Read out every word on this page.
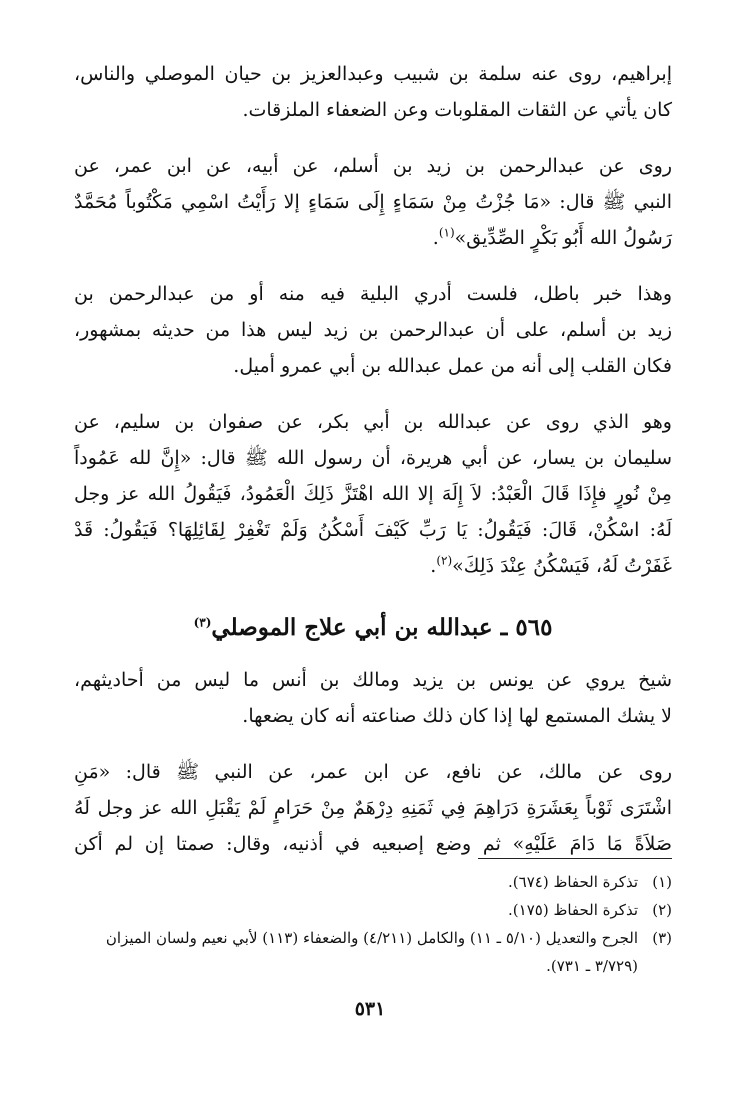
إبراهيم، روى عنه سلمة بن شبيب وعبدالعزيز بن حيان الموصلي والناس،
كان يأتي عن الثقات المقلوبات وعن الضعفاء الملزقات.

روى عن عبدالرحمن بن زيد بن أسلم، عن أبيه، عن ابن عمر، عن
النبي ﷺ قال: «مَا جُزْتُ مِنْ سَمَاءٍ إِلَى سَمَاءٍ إلا رَأَيْتُ اسْمِي مَكْتُوباً مُحَمَّدٌ
رَسُولُ الله أَبُو بَكْرٍ الصِّدِّيق»$^{(١)}$.

وهذا خبر باطل، فلست أدري البلية فيه منه أو من عبدالرحمن بن
زيد بن أسلم، على أن عبدالرحمن بن زيد ليس هذا من حديثه بمشهور،
فكان القلب إلى أنه من عمل عبدالله بن أبي عمرو أميل.

وهو الذي روى عن عبدالله بن أبي بكر، عن صفوان بن سليم، عن
سليمان بن يسار، عن أبي هريرة، أن رسول الله ﷺ قال: «إِنَّ لله عَمُوداً
مِنْ نُورٍ فإِذَا قَالَ الْعَبْدُ: لاَ إِلَهَ إلا الله اهْتَزَّ ذَلِكَ الْعَمُودُ، فَيَقُولُ الله عز وجل
لَهُ: اسْكُنْ، قَالَ: فَيَقُولُ: يَا رَبِّ كَيْفَ أَسْكُنُ وَلَمْ تَغْفِرْ لِقَائِلِهَا؟ فَيَقُولُ: قَدْ
غَفَرْتُ لَهُ، فَيَسْكُنُ عِنْدَ ذَلِكَ»$^{(٢)}$.

٥٦٥ ـ عبدالله بن أبي علاج الموصلي$^{(٣)}$

شيخ يروي عن يونس بن يزيد ومالك بن أنس ما ليس من أحاديثهم،
لا يشك المستمع لها إذا كان ذلك صناعته أنه كان يضعها.

روى عن مالك، عن نافع، عن ابن عمر، عن النبي ﷺ قال: «مَنِ
اشْتَرَى ثَوْباً بِعَشَرَةِ دَرَاهِمَ فِي ثَمَنِهِ دِرْهَمٌ مِنْ حَرَامٍ لَمْ يَقْبَلِ الله عز وجل لَهُ
صَلاَةً مَا دَامَ عَلَيْهِ» ثم وضع إصبعيه في أذنيه، وقال: صمتا إن لم أكن

(١)
تذكرة الحفاظ (٦٧٤).
(٢)
تذكرة الحفاظ (١٧٥).
(٣)
الجرح والتعديل (٥/١٠ ـ ١١) والكامل (٤/٢١١) والضعفاء (١١٣) لأبي نعيم ولسان الميزان (٣/٧٢٩ ـ ٧٣١).
٥٣١
